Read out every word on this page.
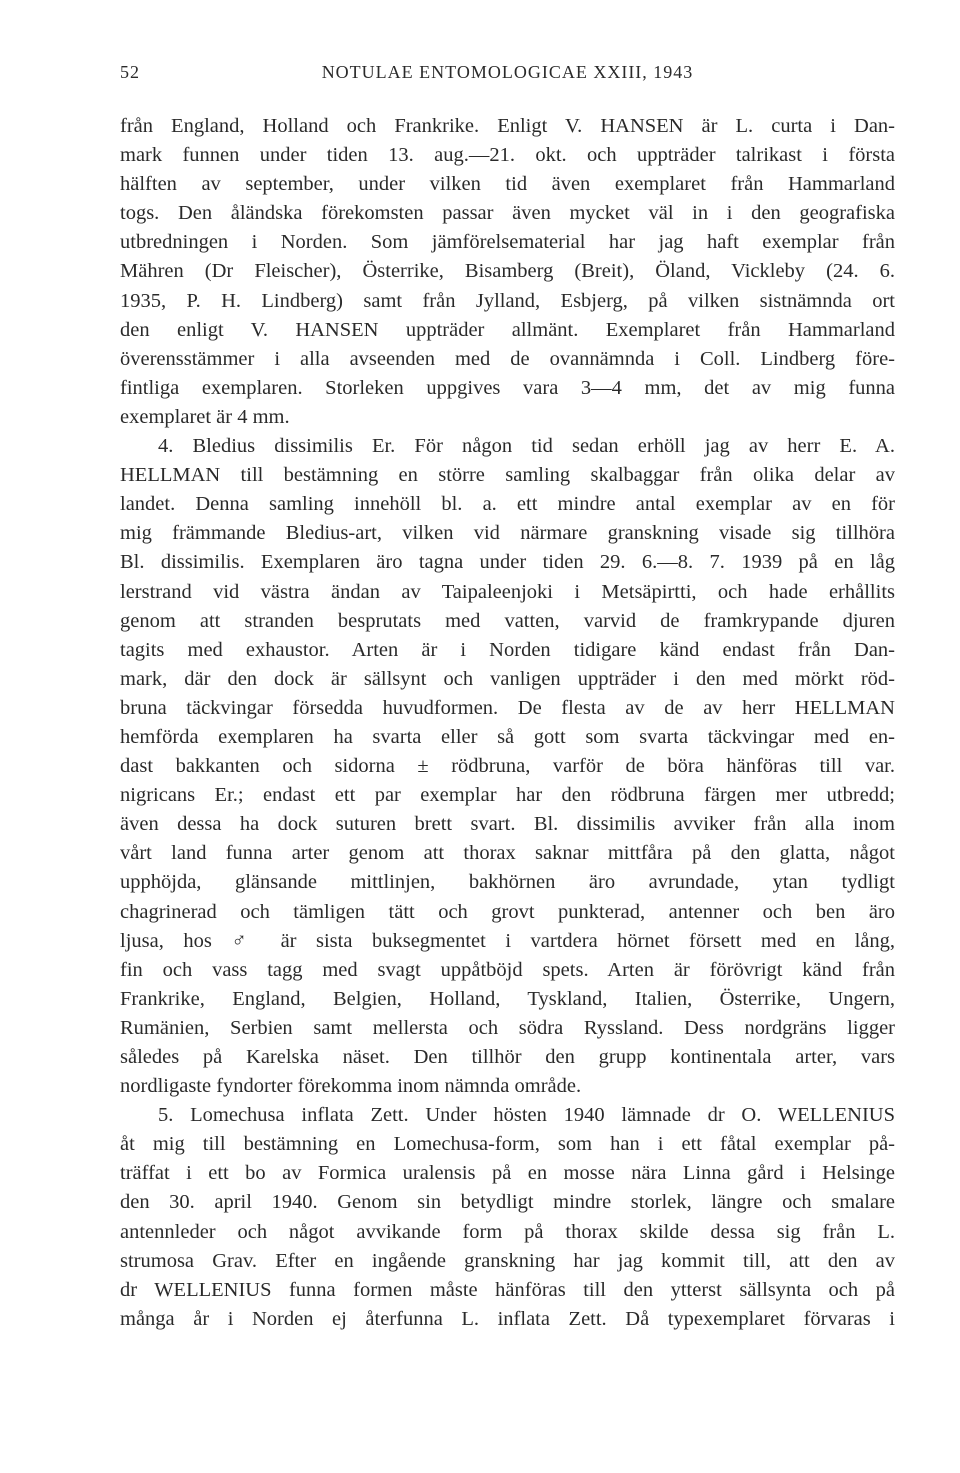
52	NOTULAE ENTOMOLOGICAE XXIII, 1943
från England, Holland och Frankrike. Enligt V. HANSEN är L. curta i Dan-
mark funnen under tiden 13. aug.—21. okt. och uppträder talrikast i första
hälften av september, under vilken tid även exemplaret från Hammarland
togs. Den åländska förekomsten passar även mycket väl in i den geografiska
utbredningen i Norden. Som jämförelsematerial har jag haft exemplar från
Mähren (Dr Fleischer), Österrike, Bisamberg (Breit), Öland, Vickleby (24. 6.
1935, P. H. Lindberg) samt från Jylland, Esbjerg, på vilken sistnämnda ort
den enligt V. HANSEN uppträder allmänt. Exemplaret från Hammarland
överensstämmer i alla avseenden med de ovannämnda i Coll. Lindberg före-
fintliga exemplaren. Storleken uppgives vara 3—4 mm, det av mig funna
exemplaret är 4 mm.
4. Bledius dissimilis Er. För någon tid sedan erhöll jag av herr E. A.
HELLMAN till bestämning en större samling skalbaggar från olika delar av
landet. Denna samling innehöll bl. a. ett mindre antal exemplar av en för
mig främmande Bledius-art, vilken vid närmare granskning visade sig tillhöra
Bl. dissimilis. Exemplaren äro tagna under tiden 29. 6.—8. 7. 1939 på en låg
lerstrand vid västra ändan av Taipaleenjoki i Metsäpirtti, och hade erhållits
genom att stranden besprutats med vatten, varvid de framkrypande djuren
tagits med exhaustor. Arten är i Norden tidigare känd endast från Dan-
mark, där den dock är sällsynt och vanligen uppträder i den med mörkt röd-
bruna täckvingar försedda huvudformen. De flesta av de av herr HELLMAN
hemförda exemplaren ha svarta eller så gott som svarta täckvingar med en-
dast bakkanten och sidorna ± rödbruna, varför de böra hänföras till var.
nigricans Er.; endast ett par exemplar har den rödbruna färgen mer utbredd;
även dessa ha dock suturen brett svart. Bl. dissimilis avviker från alla inom
vårt land funna arter genom att thorax saknar mittfåra på den glatta, något
upphöjda, glänsande mittlinjen, bakhörnen äro avrundade, ytan tydligt
chagrinerad och tämligen tätt och grovt punkterad, antenner och ben äro
ljusa, hos ♂ är sista buksegmentet i vartdera hörnet försett med en lång,
fin och vass tagg med svagt uppåtböjd spets. Arten är förövrigt känd från
Frankrike, England, Belgien, Holland, Tyskland, Italien, Österrike, Ungern,
Rumänien, Serbien samt mellersta och södra Ryssland. Dess nordgräns ligger
således på Karelska näset. Den tillhör den grupp kontinentala arter, vars
nordligaste fyndorter förekomma inom nämnda område.
5. Lomechusa inflata Zett. Under hösten 1940 lämnade dr O. WELLENIUS
åt mig till bestämning en Lomechusa-form, som han i ett fåtal exemplar på-
träffat i ett bo av Formica uralensis på en mosse nära Linna gård i Helsinge
den 30. april 1940. Genom sin betydligt mindre storlek, längre och smalare
antennleder och något avvikande form på thorax skilde dessa sig från L.
strumosa Grav. Efter en ingående granskning har jag kommit till, att den av
dr WELLENIUS funna formen måste hänföras till den ytterst sällsynta och på
många år i Norden ej återfunna L. inflata Zett. Då typexemplaret förvaras i
